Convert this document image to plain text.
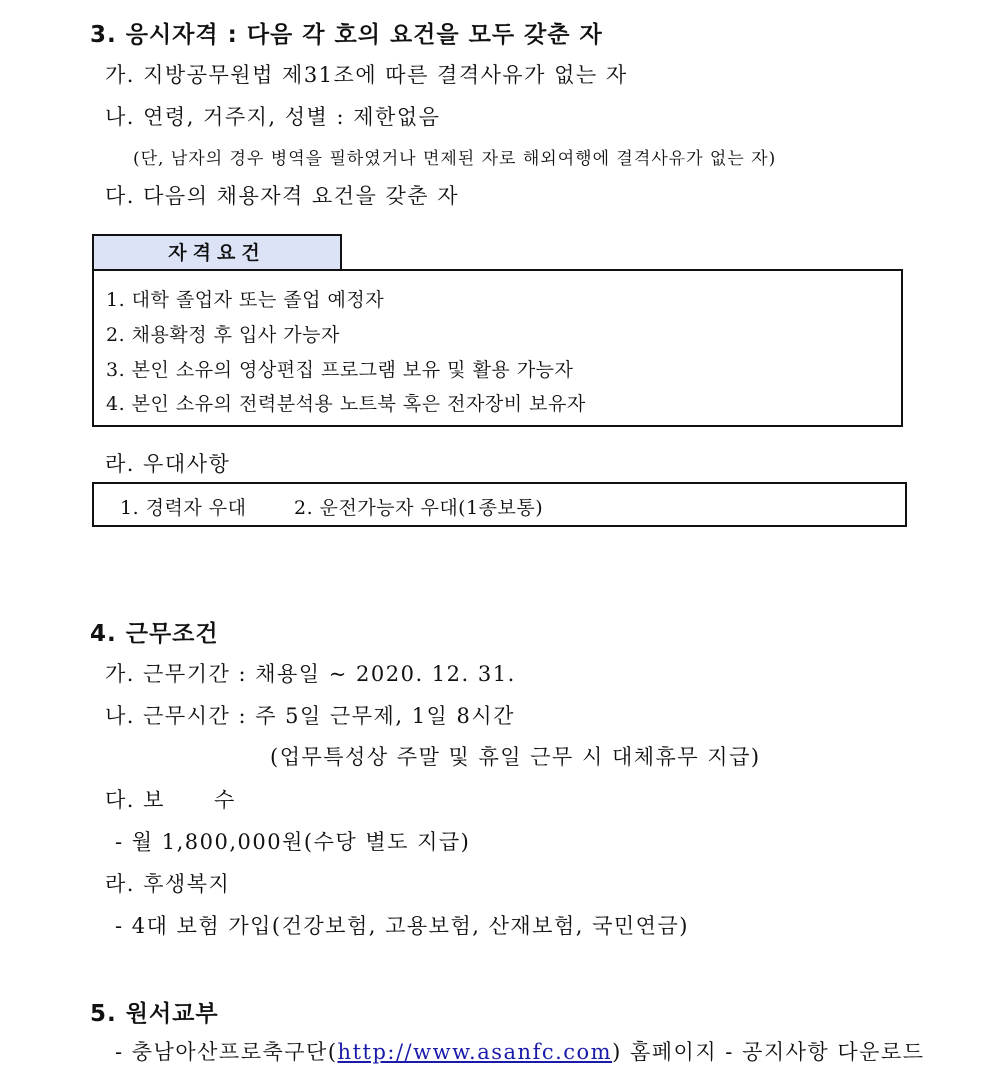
3. 응시자격 : 다음 각 호의 요건을 모두 갖춘 자
가. 지방공무원법 제31조에 따른 결격사유가 없는 자
나. 연령, 거주지, 성별 : 제한없음
(단, 남자의 경우 병역을 필하였거나 면제된 자로 해외여행에 결격사유가 없는 자)
다. 다음의 채용자격 요건을 갖춘 자
자격요건
1. 대학 졸업자 또는 졸업 예정자
2. 채용확정 후 입사 가능자
3. 본인 소유의 영상편집 프로그램 보유 및 활용 가능자
4. 본인 소유의 전력분석용 노트북 혹은 전자장비 보유자
라. 우대사항
1. 경력자 우대	2. 운전가능자 우대(1종보통)
4. 근무조건
가. 근무기간 : 채용일 ~ 2020. 12. 31.
나. 근무시간 : 주 5일 근무제, 1일 8시간
(업무특성상 주말 및 휴일 근무 시 대체휴무 지급)
다. 보      수
- 월 1,800,000원(수당 별도 지급)
라. 후생복지
- 4대 보험 가입(건강보험, 고용보험, 산재보험, 국민연금)
5. 원서교부
- 충남아산프로축구단(http://www.asanfc.com) 홈페이지 - 공지사항 다운로드
